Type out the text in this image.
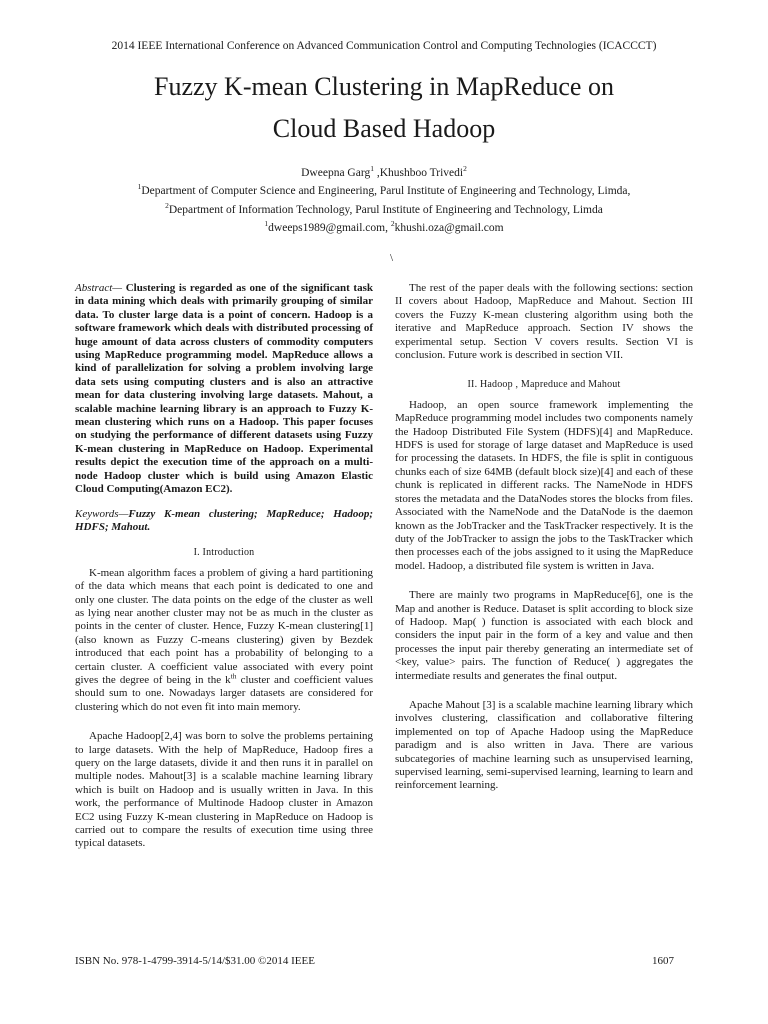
2014 IEEE International Conference on Advanced Communication Control and Computing Technologies (ICACCCT)
Fuzzy K-mean Clustering in MapReduce on
Cloud Based Hadoop
Dweepna Garg$^1$ ,Khushboo Trivedi$^2$
$^1$Department of Computer Science and Engineering, Parul Institute of Engineering and Technology, Limda,
$^2$Department of Information Technology, Parul Institute of Engineering and Technology, Limda
$^1$dweeps1989@gmail.com, $^2$khushi.oza@gmail.com
\

Abstract— Clustering is regarded as one of the significant task in data mining which deals with primarily grouping of similar data. To cluster large data is a point of concern. Hadoop is a software framework which deals with distributed processing of huge amount of data across clusters of commodity computers using MapReduce programming model. MapReduce allows a kind of parallelization for solving a problem involving large data sets using computing clusters and is also an attractive mean for data clustering involving large datasets. Mahout, a scalable machine learning library is an approach to Fuzzy K-mean clustering which runs on a Hadoop. This paper focuses on studying the performance of different datasets using Fuzzy K-mean clustering in MapReduce on Hadoop. Experimental results depict the execution time of the approach on a multi-node Hadoop cluster which is build using Amazon Elastic Cloud Computing(Amazon EC2).

Keywords—Fuzzy K-mean clustering; MapReduce; Hadoop; HDFS; Mahout.

I. Introduction

K-mean algorithm faces a problem of giving a hard partitioning of the data which means that each point is dedicated to one and only one cluster. The data points on the edge of the cluster as well as lying near another cluster may not be as much in the cluster as points in the center of cluster. Hence, Fuzzy K-mean clustering[1] (also known as Fuzzy C-means clustering) given by Bezdek introduced that each point has a probability of belonging to a certain cluster. A coefficient value associated with every point gives the degree of being in the $k^{th}$ cluster and coefficient values should sum to one. Nowadays larger datasets are considered for clustering which do not even fit into main memory.

Apache Hadoop[2,4] was born to solve the problems pertaining to large datasets. With the help of MapReduce, Hadoop fires a query on the large datasets, divide it and then runs it in parallel on multiple nodes. Mahout[3] is a scalable machine learning library which is built on Hadoop and is usually written in Java. In this work, the performance of Multinode Hadoop cluster in Amazon EC2 using Fuzzy K-mean clustering in MapReduce on Hadoop is carried out to compare the results of execution time using three typical datasets.

The rest of the paper deals with the following sections: section II covers about Hadoop, MapReduce and Mahout. Section III covers the Fuzzy K-mean clustering algorithm using both the iterative and MapReduce approach. Section IV shows the experimental setup. Section V covers results. Section VI is conclusion. Future work is described in section VII.

II. Hadoop , Mapreduce and Mahout

Hadoop, an open source framework implementing the MapReduce programming model includes two components namely the Hadoop Distributed File System (HDFS)[4] and MapReduce. HDFS is used for storage of large dataset and MapReduce is used for processing the datasets. In HDFS, the file is split in contiguous chunks each of size 64MB (default block size)[4] and each of these chunk is replicated in different racks. The NameNode in HDFS stores the metadata and the DataNodes stores the blocks from files. Associated with the NameNode and the DataNode is the daemon known as the JobTracker and the TaskTracker respectively. It is the duty of the JobTracker to assign the jobs to the TaskTracker which then processes each of the jobs assigned to it using the MapReduce model. Hadoop, a distributed file system is written in Java.

There are mainly two programs in MapReduce[6], one is the Map and another is Reduce. Dataset is split according to block size of Hadoop. Map( ) function is associated with each block and considers the input pair in the form of a key and value and then processes the input pair thereby generating an intermediate set of <key, value> pairs. The function of Reduce( ) aggregates the intermediate results and generates the final output.

Apache Mahout [3] is a scalable machine learning library which involves clustering, classification and collaborative filtering implemented on top of Apache Hadoop using the MapReduce paradigm and is also written in Java. There are various subcategories of machine learning such as unsupervised learning, supervised learning, semi-supervised learning, learning to learn and reinforcement learning.

ISBN No. 978-1-4799-3914-5/14/$31.00 ©2014 IEEE	1607
